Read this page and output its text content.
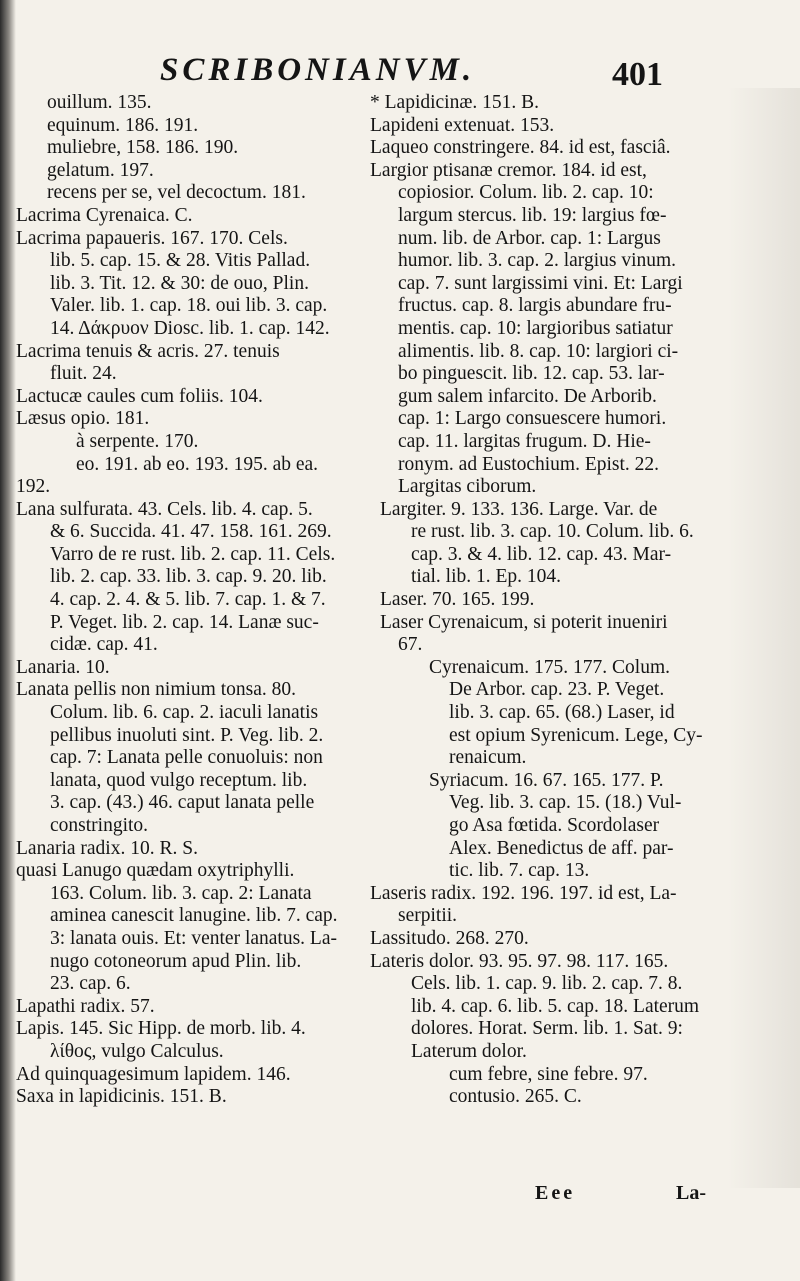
SCRIBONIANVM.	401
ouillum. 135.
equinum. 186. 191.
muliebre, 158. 186. 190.
gelatum. 197.
recens per se, vel decoctum. 181.
Lacrima Cyrenaica. C.
Lacrima papaueris. 167. 170. Cels.
lib. 5. cap. 15. & 28. Vitis Pallad.
lib. 3. Tit. 12. & 30: de ouo, Plin.
Valer. lib. 1. cap. 18. oui lib. 3. cap.
14. Δάκρυον Diosc. lib. 1. cap. 142.
Lacrima tenuis & acris. 27. tenuis
fluit. 24.
Lactucæ caules cum foliis. 104.
Læsus opio. 181.
à serpente. 170.
eo. 191. ab eo. 193. 195. ab ea.
192.
Lana sulfurata. 43. Cels. lib. 4. cap. 5.
& 6. Succida. 41. 47. 158. 161. 269.
Varro de re rust. lib. 2. cap. 11. Cels.
lib. 2. cap. 33. lib. 3. cap. 9. 20. lib.
4. cap. 2. 4. & 5. lib. 7. cap. 1. & 7.
P. Veget. lib. 2. cap. 14. Lanæ suc-
cidæ. cap. 41.
Lanaria. 10.
Lanata pellis non nimium tonsa. 80.
Colum. lib. 6. cap. 2. iaculi lanatis
pellibus inuoluti sint. P. Veg. lib. 2.
cap. 7: Lanata pelle conuoluis: non
lanata, quod vulgo receptum. lib.
3. cap. (43.) 46. caput lanata pelle
constringito.
Lanaria radix. 10. R. S.
quasi Lanugo quædam oxytriphylli.
163. Colum. lib. 3. cap. 2: Lanata
aminea canescit lanugine. lib. 7. cap.
3: lanata ouis. Et: venter lanatus. La-
nugo cotoneorum apud Plin. lib.
23. cap. 6.
Lapathi radix. 57.
Lapis. 145. Sic Hipp. de morb. lib. 4.
λίθος, vulgo Calculus.
Ad quinquagesimum lapidem. 146.
Saxa in lapidicinis. 151. B.
* Lapidicinæ. 151. B.
Lapideni extenuat. 153.
Laqueo constringere. 84. id est, fasciâ.
Largior ptisanæ cremor. 184. id est,
copiosior. Colum. lib. 2. cap. 10:
largum stercus. lib. 19: largius fœ-
num. lib. de Arbor. cap. 1: Largus
humor. lib. 3. cap. 2. largius vinum.
cap. 7. sunt largissimi vini. Et: Largi
fructus. cap. 8. largis abundare fru-
mentis. cap. 10: largioribus satiatur
alimentis. lib. 8. cap. 10: largiori ci-
bo pinguescit. lib. 12. cap. 53. lar-
gum salem infarcito. De Arborib.
cap. 1: Largo consuescere humori.
cap. 11. largitas frugum. D. Hie-
ronym. ad Eustochium. Epist. 22.
Largitas ciborum.
Largiter. 9. 133. 136. Large. Var. de
re rust. lib. 3. cap. 10. Colum. lib. 6.
cap. 3. & 4. lib. 12. cap. 43. Mar-
tial. lib. 1. Ep. 104.
Laser. 70. 165. 199.
Laser Cyrenaicum, si poterit inueniri
67.
Cyrenaicum. 175. 177. Colum.
De Arbor. cap. 23. P. Veget.
lib. 3. cap. 65. (68.) Laser, id
est opium Syrenicum. Lege, Cy-
renaicum.
Syriacum. 16. 67. 165. 177. P.
Veg. lib. 3. cap. 15. (18.) Vul-
go Asa fœtida. Scordolaser
Alex. Benedictus de aff. par-
tic. lib. 7. cap. 13.
Laseris radix. 192. 196. 197. id est, La-
serpitii.
Lassitudo. 268. 270.
Lateris dolor. 93. 95. 97. 98. 117. 165.
Cels. lib. 1. cap. 9. lib. 2. cap. 7. 8.
lib. 4. cap. 6. lib. 5. cap. 18. Laterum
dolores. Horat. Serm. lib. 1. Sat. 9:
Laterum dolor.
cum febre, sine febre. 97.
contusio. 265. C.
Eee	La-
